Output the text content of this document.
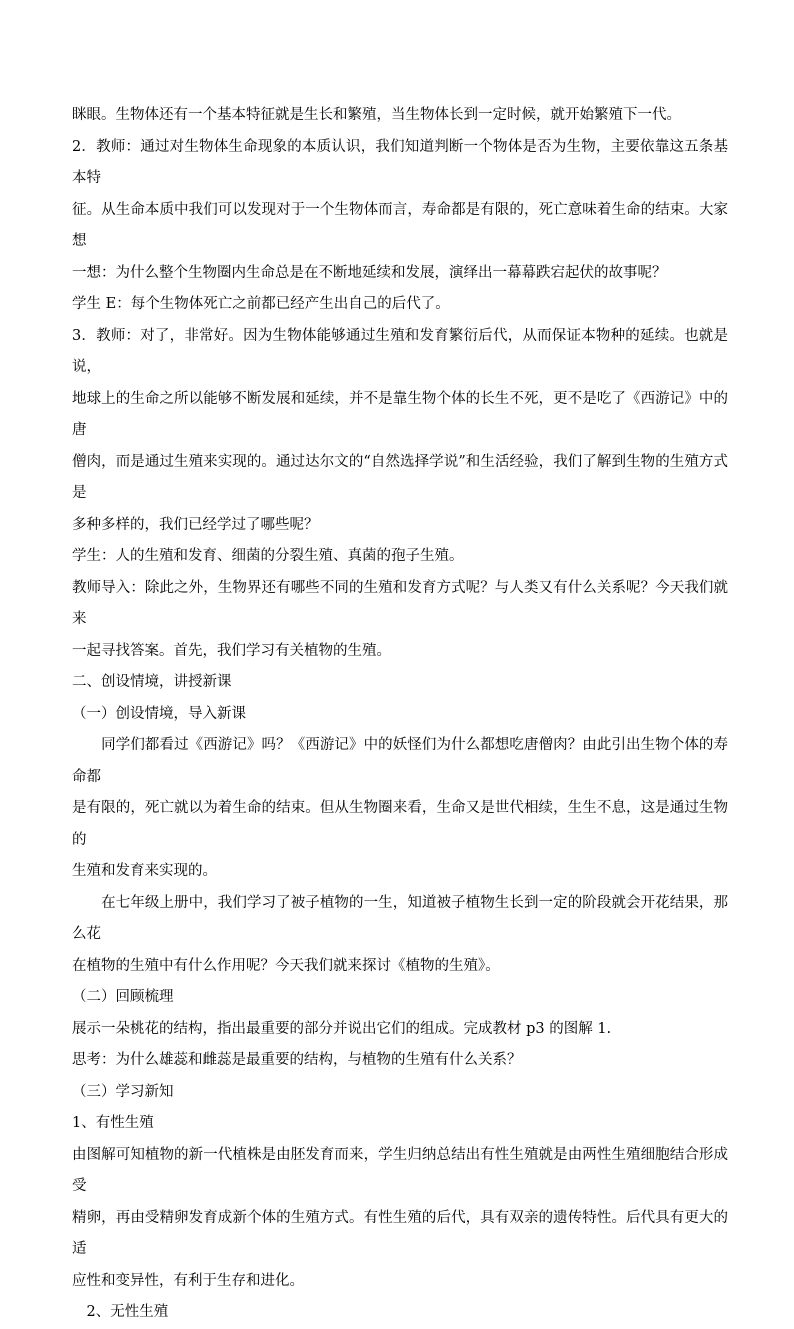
眯眼。生物体还有一个基本特征就是生长和繁殖，当生物体长到一定时候，就开始繁殖下一代。

2．教师：通过对生物体生命现象的本质认识，我们知道判断一个物体是否为生物，主要依靠这五条基本特
征。从生命本质中我们可以发现对于一个生物体而言，寿命都是有限的，死亡意味着生命的结束。大家想
一想：为什么整个生物圈内生命总是在不断地延续和发展，演绎出一幕幕跌宕起伏的故事呢？

学生 E：每个生物体死亡之前都已经产生出自己的后代了。

3．教师：对了，非常好。因为生物体能够通过生殖和发育繁衍后代，从而保证本物种的延续。也就是说，
地球上的生命之所以能够不断发展和延续，并不是靠生物个体的长生不死，更不是吃了《西游记》中的唐
僧肉，而是通过生殖来实现的。通过达尔文的“自然选择学说”和生活经验，我们了解到生物的生殖方式是
多种多样的，我们已经学过了哪些呢？

学生：人的生殖和发育、细菌的分裂生殖、真菌的孢子生殖。

教师导入：除此之外，生物界还有哪些不同的生殖和发育方式呢？与人类又有什么关系呢？今天我们就来
一起寻找答案。首先，我们学习有关植物的生殖。

二、创设情境，讲授新课

（一）创设情境，导入新课

　　同学们都看过《西游记》吗？《西游记》中的妖怪们为什么都想吃唐僧肉？由此引出生物个体的寿命都
是有限的，死亡就以为着生命的结束。但从生物圈来看，生命又是世代相续，生生不息，这是通过生物的
生殖和发育来实现的。

　　在七年级上册中，我们学习了被子植物的一生，知道被子植物生长到一定的阶段就会开花结果，那么花
在植物的生殖中有什么作用呢？今天我们就来探讨《植物的生殖》。

（二）回顾梳理

展示一朵桃花的结构，指出最重要的部分并说出它们的组成。完成教材 p3 的图解 1.

思考：为什么雄蕊和雌蕊是最重要的结构，与植物的生殖有什么关系？

（三）学习新知

1、有性生殖

由图解可知植物的新一代植株是由胚发育而来，学生归纳总结出有性生殖就是由两性生殖细胞结合形成受
精卵，再由受精卵发育成新个体的生殖方式。有性生殖的后代，具有双亲的遗传特性。后代具有更大的适
应性和变异性，有利于生存和进化。

　2、无性生殖
